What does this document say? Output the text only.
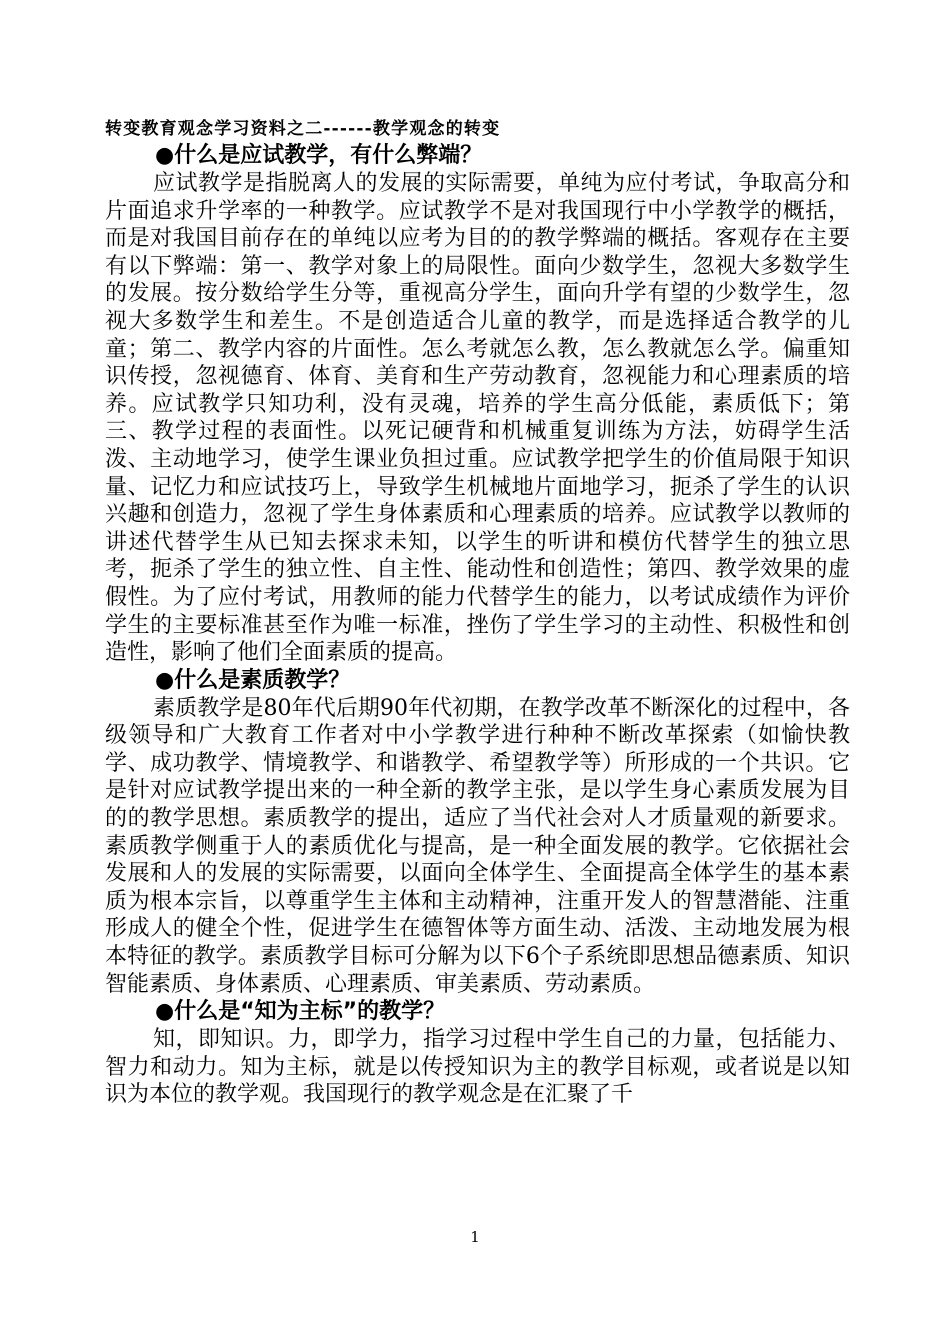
转变教育观念学习资料之二------教学观念的转变
●什么是应试教学，有什么弊端？

应试教学是指脱离人的发展的实际需要，单纯为应付考试，争取高分和片面追求升学率的一种教学。应试教学不是对我国现行中小学教学的概括，而是对我国目前存在的单纯以应考为目的的教学弊端的概括。客观存在主要有以下弊端：第一、教学对象上的局限性。面向少数学生，忽视大多数学生的发展。按分数给学生分等，重视高分学生，面向升学有望的少数学生，忽视大多数学生和差生。不是创造适合儿童的教学，而是选择适合教学的儿童；第二、教学内容的片面性。怎么考就怎么教，怎么教就怎么学。偏重知识传授，忽视德育、体育、美育和生产劳动教育，忽视能力和心理素质的培养。应试教学只知功利，没有灵魂，培养的学生高分低能，素质低下；第三、教学过程的表面性。以死记硬背和机械重复训练为方法，妨碍学生活泼、主动地学习，使学生课业负担过重。应试教学把学生的价值局限于知识量、记忆力和应试技巧上，导致学生机械地片面地学习，扼杀了学生的认识兴趣和创造力，忽视了学生身体素质和心理素质的培养。应试教学以教师的讲述代替学生从已知去探求未知，以学生的听讲和模仿代替学生的独立思考，扼杀了学生的独立性、自主性、能动性和创造性；第四、教学效果的虚假性。为了应付考试，用教师的能力代替学生的能力，以考试成绩作为评价学生的主要标准甚至作为唯一标准，挫伤了学生学习的主动性、积极性和创造性，影响了他们全面素质的提高。

●什么是素质教学？

素质教学是80年代后期90年代初期，在教学改革不断深化的过程中，各级领导和广大教育工作者对中小学教学进行种种不断改革探索（如愉快教学、成功教学、情境教学、和谐教学、希望教学等）所形成的一个共识。它是针对应试教学提出来的一种全新的教学主张，是以学生身心素质发展为目的的教学思想。素质教学的提出，适应了当代社会对人才质量观的新要求。素质教学侧重于人的素质优化与提高，是一种全面发展的教学。它依据社会发展和人的发展的实际需要，以面向全体学生、全面提高全体学生的基本素质为根本宗旨，以尊重学生主体和主动精神，注重开发人的智慧潜能、注重形成人的健全个性，促进学生在德智体等方面生动、活泼、主动地发展为根本特征的教学。素质教学目标可分解为以下6个子系统即思想品德素质、知识智能素质、身体素质、心理素质、审美素质、劳动素质。

●什么是“知为主标”的教学？

知，即知识。力，即学力，指学习过程中学生自己的力量，包括能力、智力和动力。知为主标，就是以传授知识为主的教学目标观，或者说是以知识为本位的教学观。我国现行的教学观念是在汇聚了千

1
